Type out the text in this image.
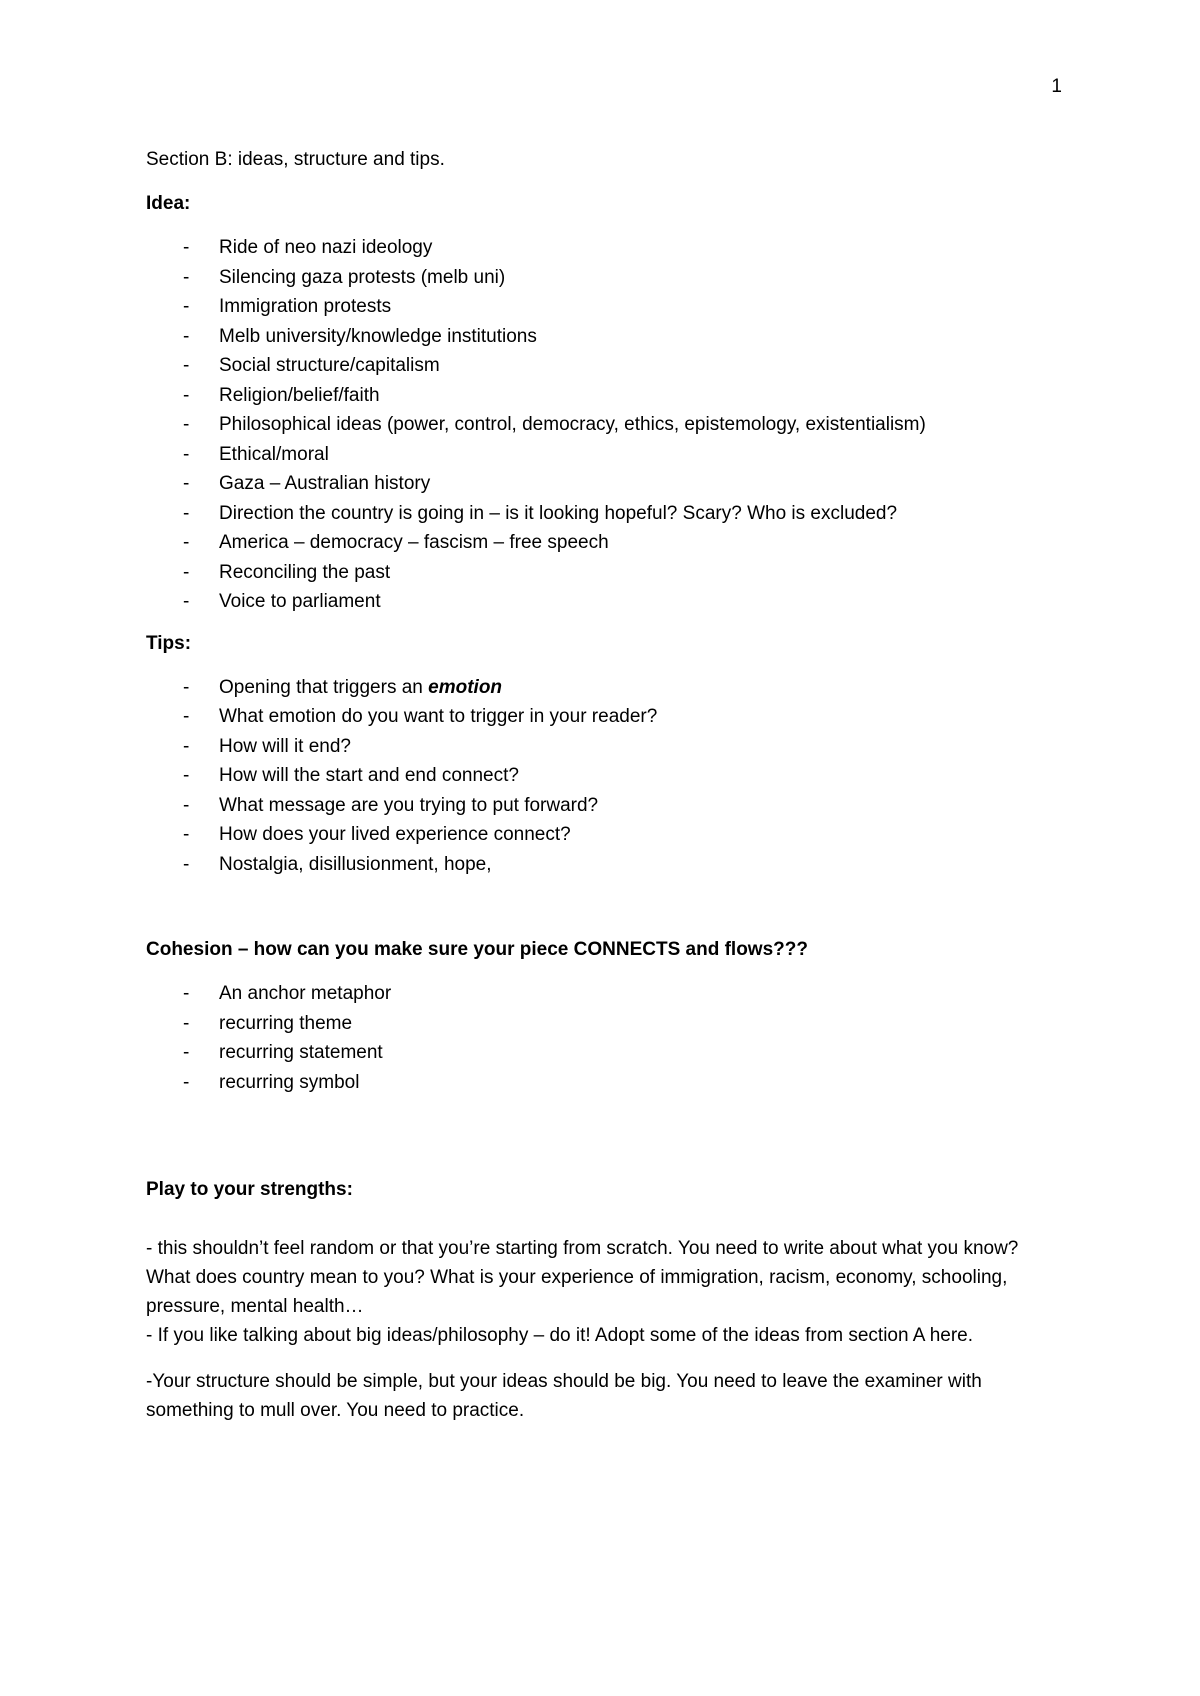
1

Section B: ideas, structure and tips.

Idea:
- Ride of neo nazi ideology
- Silencing gaza protests (melb uni)
- Immigration protests
- Melb university/knowledge institutions
- Social structure/capitalism
- Religion/belief/faith
- Philosophical ideas (power, control, democracy, ethics, epistemology, existentialism)
- Ethical/moral
- Gaza – Australian history
- Direction the country is going in – is it looking hopeful? Scary? Who is excluded?
- America – democracy – fascism – free speech
- Reconciling the past
- Voice to parliament
Tips:
- Opening that triggers an emotion
- What emotion do you want to trigger in your reader?
- How will it end?
- How will the start and end connect?
- What message are you trying to put forward?
- How does your lived experience connect?
- Nostalgia, disillusionment, hope,
Cohesion – how can you make sure your piece CONNECTS and flows???
- An anchor metaphor
- recurring theme
- recurring statement
- recurring symbol
Play to your strengths:

- this shouldn’t feel random or that you’re starting from scratch. You need to write about what you know? What does country mean to you? What is your experience of immigration, racism, economy, schooling, pressure, mental health…

- If you like talking about big ideas/philosophy – do it! Adopt some of the ideas from section A here.

-Your structure should be simple, but your ideas should be big. You need to leave the examiner with something to mull over. You need to practice.
